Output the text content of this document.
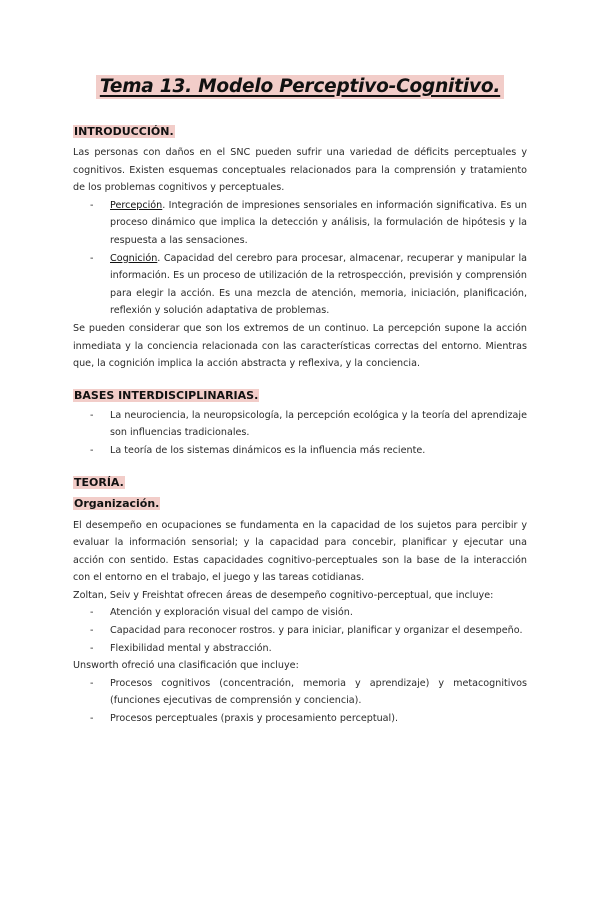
Tema 13. Modelo Perceptivo-Cognitivo.

INTRODUCCIÓN.

Las personas con daños en el SNC pueden sufrir una variedad de déficits perceptuales y cognitivos. Existen esquemas conceptuales relacionados para la comprensión y tratamiento de los problemas cognitivos y perceptuales.

- Percepción. Integración de impresiones sensoriales en información significativa. Es un proceso dinámico que implica la detección y análisis, la formulación de hipótesis y la respuesta a las sensaciones.
- Cognición. Capacidad del cerebro para procesar, almacenar, recuperar y manipular la información. Es un proceso de utilización de la retrospección, previsión y comprensión para elegir la acción. Es una mezcla de atención, memoria, iniciación, planificación, reflexión y solución adaptativa de problemas.

Se pueden considerar que son los extremos de un continuo. La percepción supone la acción inmediata y la conciencia relacionada con las características correctas del entorno. Mientras que, la cognición implica la acción abstracta y reflexiva, y la conciencia.

BASES INTERDISCIPLINARIAS.

- La neurociencia, la neuropsicología, la percepción ecológica y la teoría del aprendizaje son influencias tradicionales.
- La teoría de los sistemas dinámicos es la influencia más reciente.

TEORÍA.

Organización.

El desempeño en ocupaciones se fundamenta en la capacidad de los sujetos para percibir y evaluar la información sensorial; y la capacidad para concebir, planificar y ejecutar una acción con sentido. Estas capacidades cognitivo-perceptuales son la base de la interacción con el entorno en el trabajo, el juego y las tareas cotidianas.

Zoltan, Seiv y Freishtat ofrecen áreas de desempeño cognitivo-perceptual, que incluye:

- Atención y exploración visual del campo de visión.
- Capacidad para reconocer rostros. y para iniciar, planificar y organizar el desempeño.
- Flexibilidad mental y abstracción.

Unsworth ofreció una clasificación que incluye:

- Procesos cognitivos (concentración, memoria y aprendizaje) y metacognitivos (funciones ejecutivas de comprensión y conciencia).
- Procesos perceptuales (praxis y procesamiento perceptual).
